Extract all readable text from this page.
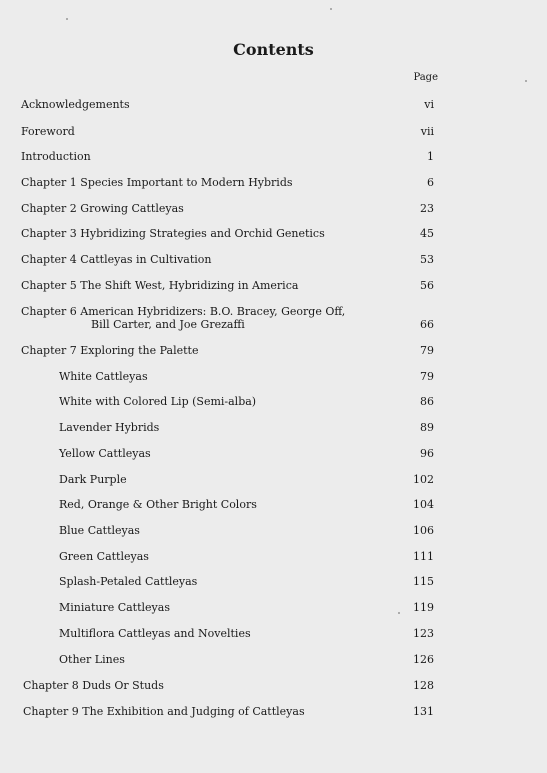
Contents
Page
Acknowledgements	vi
Foreword	vii
Introduction	1
Chapter 1 Species Important to Modern Hybrids	6
Chapter 2 Growing Cattleyas	23
Chapter 3 Hybridizing Strategies and Orchid Genetics	45
Chapter 4 Cattleyas in Cultivation	53
Chapter 5 The Shift West, Hybridizing in America	56
Chapter 6 American Hybridizers: B.O. Bracey, George Off,
Bill Carter, and Joe Grezaffi	66
Chapter 7 Exploring the Palette	79
White Cattleyas	79
White with Colored Lip (Semi-alba)	86
Lavender Hybrids	89
Yellow Cattleyas	96
Dark Purple	102
Red, Orange & Other Bright Colors	104
Blue Cattleyas	106
Green Cattleyas	111
Splash-Petaled Cattleyas	115
Miniature Cattleyas	119
Multiflora Cattleyas and Novelties	123
Other Lines	126
Chapter 8 Duds Or Studs	128
Chapter 9 The Exhibition and Judging of Cattleyas	131
